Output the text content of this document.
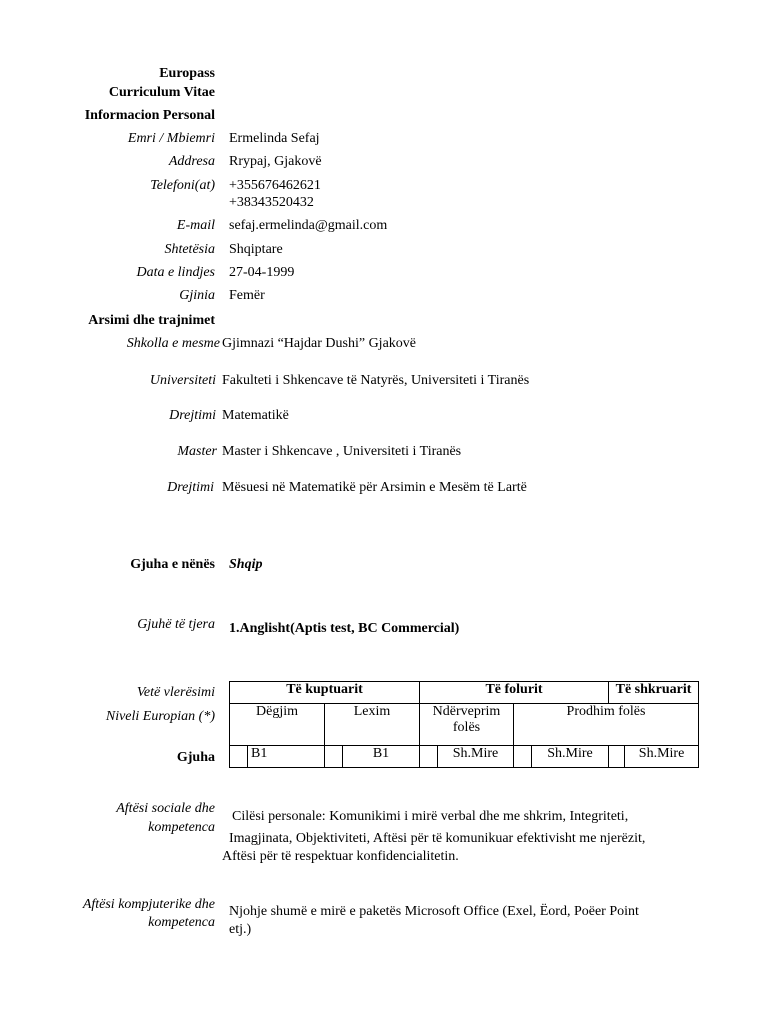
Europass
Curriculum Vitae
Informacion Personal
Emri / Mbiemri Ermelinda Sefaj
Addresa Rrypaj, Gjakovë
Telefoni(at) +355676462621
+38343520432
E-mail sefaj.ermelinda@gmail.com
Shtetësia Shqiptare
Data e lindjes 27-04-1999
Gjinia Femër
Arsimi dhe trajnimet
Shkolla e mesme Gjimnazi “Hajdar Dushi” Gjakovë
Universiteti Fakulteti i Shkencave të Natyrës, Universiteti i Tiranës
Drejtimi Matematikë
Master Master i Shkencave , Universiteti i Tiranës
Drejtimi Mësuesi në Matematikë për Arsimin e Mesëm të Lartë
Gjuha e nënës Shqip
Gjuhë të tjera 1.Anglisht(Aptis test, BC Commercial)
Vetë vlerësimi
Niveli Europian (*)
Gjuha
Të kuptuarit				Të folurit				Të shkruarit	
Dëgjim		Lexim		Ndërveprim folës		Prodhim folës			
	B1		B1		Sh.Mire		Sh.Mire		Sh.Mire
Aftësi sociale dhe
kompetenca
Cilësi personale: Komunikimi i mirë verbal dhe me shkrim, Integriteti,
Imagjinata, Objektiviteti, Aftësi për të komunikuar efektivisht me njerëzit,
Aftësi për të respektuar konfidencialitetin.
Aftësi kompjuterike dhe
kompetenca
Njohje shumë e mirë e paketës Microsoft Office (Exel, Ëord, Poëer Point
etj.)
